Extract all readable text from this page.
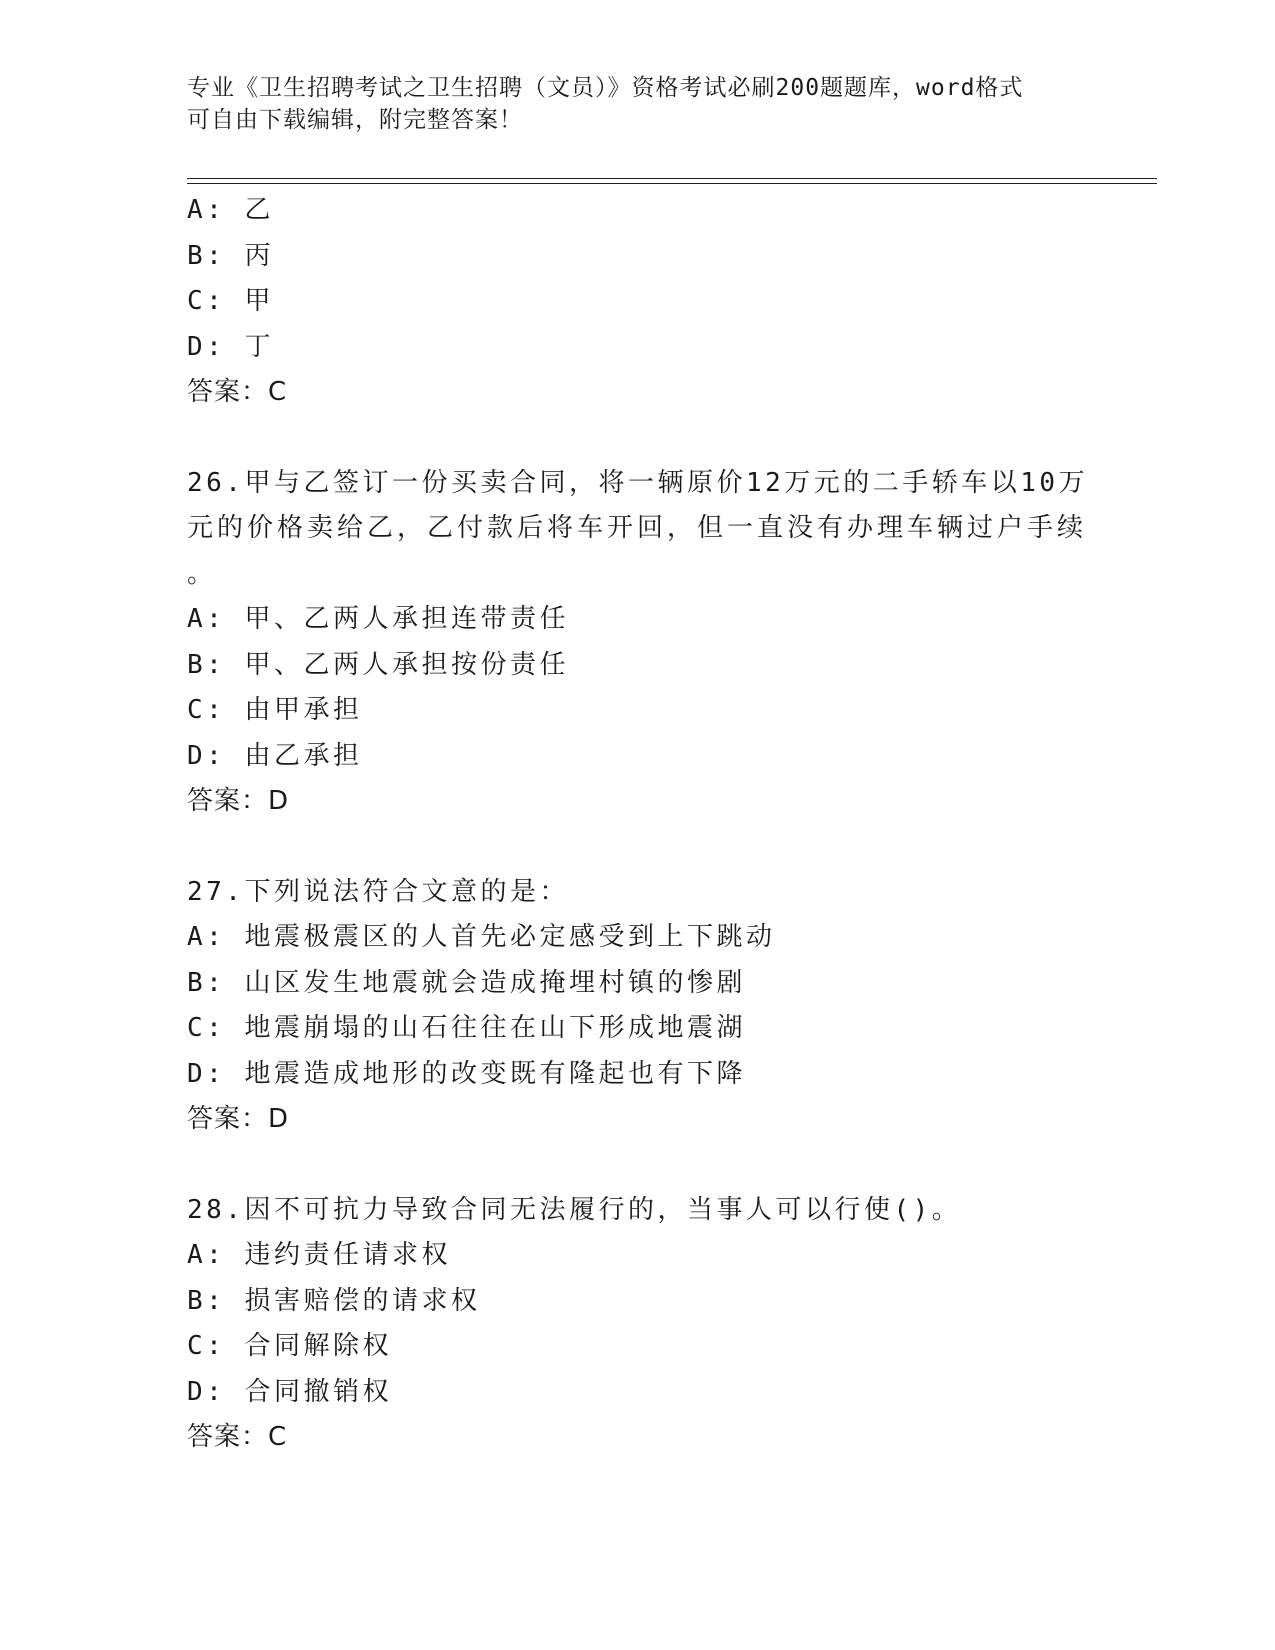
专业《卫生招聘考试之卫生招聘（文员）》资格考试必刷200题题库，word格式
可自由下载编辑，附完整答案！
A: 乙
B: 丙
C: 甲
D: 丁
答案：C
26.甲与乙签订一份买卖合同，将一辆原价12万元的二手轿车以10万
元的价格卖给乙，乙付款后将车开回，但一直没有办理车辆过户手续
。
A: 甲、乙两人承担连带责任
B: 甲、乙两人承担按份责任
C: 由甲承担
D: 由乙承担
答案：D
27.下列说法符合文意的是：
A: 地震极震区的人首先必定感受到上下跳动
B: 山区发生地震就会造成掩埋村镇的惨剧
C: 地震崩塌的山石往往在山下形成地震湖
D: 地震造成地形的改变既有隆起也有下降
答案：D
28.因不可抗力导致合同无法履行的，当事人可以行使()。
A: 违约责任请求权
B: 损害赔偿的请求权
C: 合同解除权
D: 合同撤销权
答案：C
